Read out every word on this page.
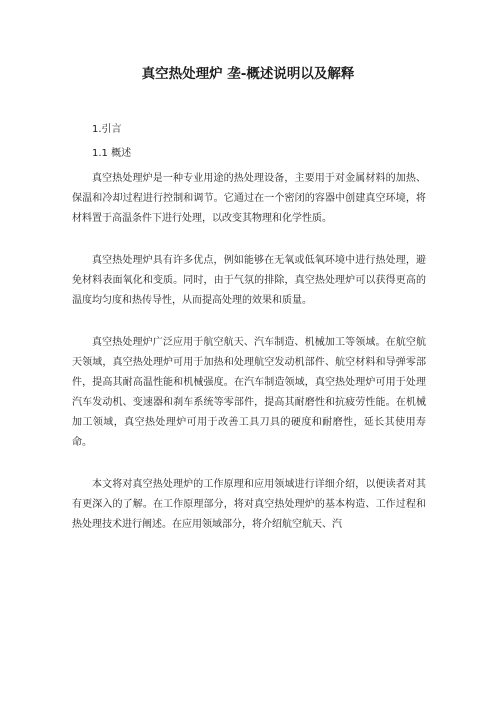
真空热处理炉 垄-概述说明以及解释

1.引言

1.1 概述

真空热处理炉是一种专业用途的热处理设备，主要用于对金属材料的加热、保温和冷却过程进行控制和调节。它通过在一个密闭的容器中创建真空环境，将材料置于高温条件下进行处理，以改变其物理和化学性质。

真空热处理炉具有许多优点，例如能够在无氧或低氧环境中进行热处理，避免材料表面氧化和变质。同时，由于气氛的排除，真空热处理炉可以获得更高的温度均匀度和热传导性，从而提高处理的效果和质量。

真空热处理炉广泛应用于航空航天、汽车制造、机械加工等领域。在航空航天领域，真空热处理炉可用于加热和处理航空发动机部件、航空材料和导弹零部件，提高其耐高温性能和机械强度。在汽车制造领域，真空热处理炉可用于处理汽车发动机、变速器和刹车系统等零部件，提高其耐磨性和抗疲劳性能。在机械加工领域，真空热处理炉可用于改善工具刀具的硬度和耐磨性，延长其使用寿命。

本文将对真空热处理炉的工作原理和应用领域进行详细介绍，以便读者对其有更深入的了解。在工作原理部分，将对真空热处理炉的基本构造、工作过程和热处理技术进行阐述。在应用领域部分，将介绍航空航天、汽
